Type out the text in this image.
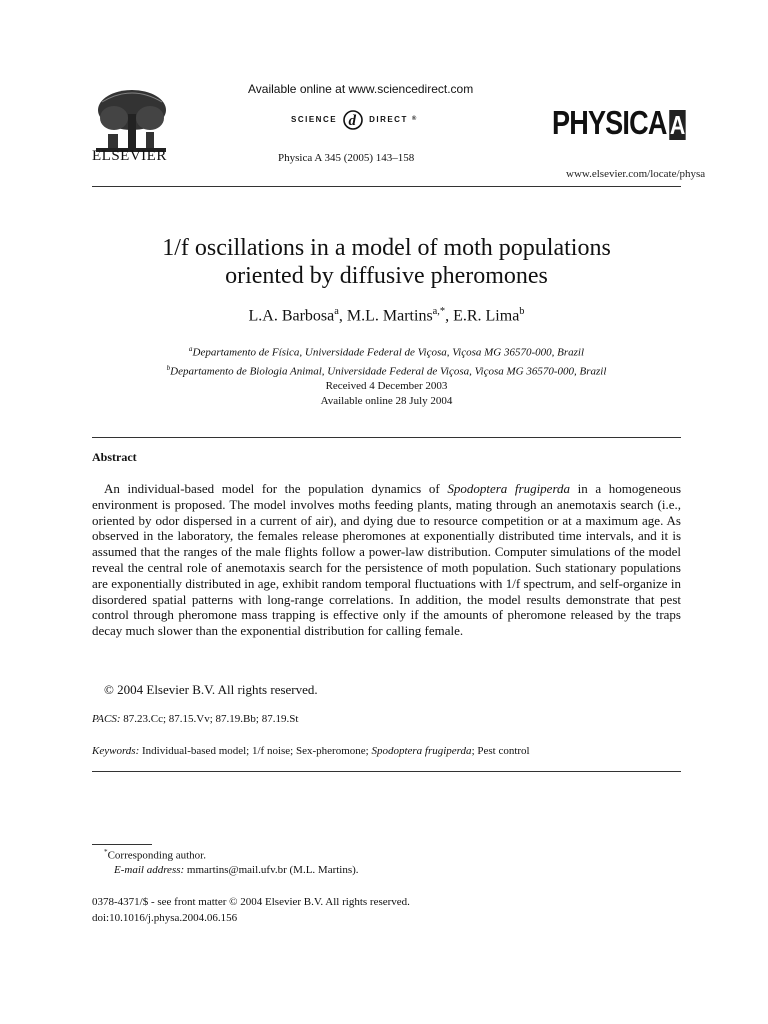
ELSEVIER
Available online at www.sciencedirect.com
SCIENCE d DIRECT ®
Physica A 345 (2005) 143–158
PHYSICA A
www.elsevier.com/locate/physa
1/f oscillations in a model of moth populations
oriented by diffusive pheromones
L.A. Barbosa$^a$, M.L. Martins$^{a,*}$, E.R. Lima$^b$
$^a$Departamento de Física, Universidade Federal de Viçosa, Viçosa MG 36570-000, Brazil
$^b$Departamento de Biologia Animal, Universidade Federal de Viçosa, Viçosa MG 36570-000, Brazil
Received 4 December 2003
Available online 28 July 2004
Abstract
An individual-based model for the population dynamics of Spodoptera frugiperda in a homogeneous environment is proposed. The model involves moths feeding plants, mating through an anemotaxis search (i.e., oriented by odor dispersed in a current of air), and dying due to resource competition or at a maximum age. As observed in the laboratory, the females release pheromones at exponentially distributed time intervals, and it is assumed that the ranges of the male flights follow a power-law distribution. Computer simulations of the model reveal the central role of anemotaxis search for the persistence of moth population. Such stationary populations are exponentially distributed in age, exhibit random temporal fluctuations with 1/f spectrum, and self-organize in disordered spatial patterns with long-range correlations. In addition, the model results demonstrate that pest control through pheromone mass trapping is effective only if the amounts of pheromone released by the traps decay much slower than the exponential distribution for calling female.
© 2004 Elsevier B.V. All rights reserved.
PACS: 87.23.Cc; 87.15.Vv; 87.19.Bb; 87.19.St
Keywords: Individual-based model; 1/f noise; Sex-pheromone; Spodoptera frugiperda; Pest control
*Corresponding author.
E-mail address: mmartins@mail.ufv.br (M.L. Martins).
0378-4371/$ - see front matter © 2004 Elsevier B.V. All rights reserved.
doi:10.1016/j.physa.2004.06.156
